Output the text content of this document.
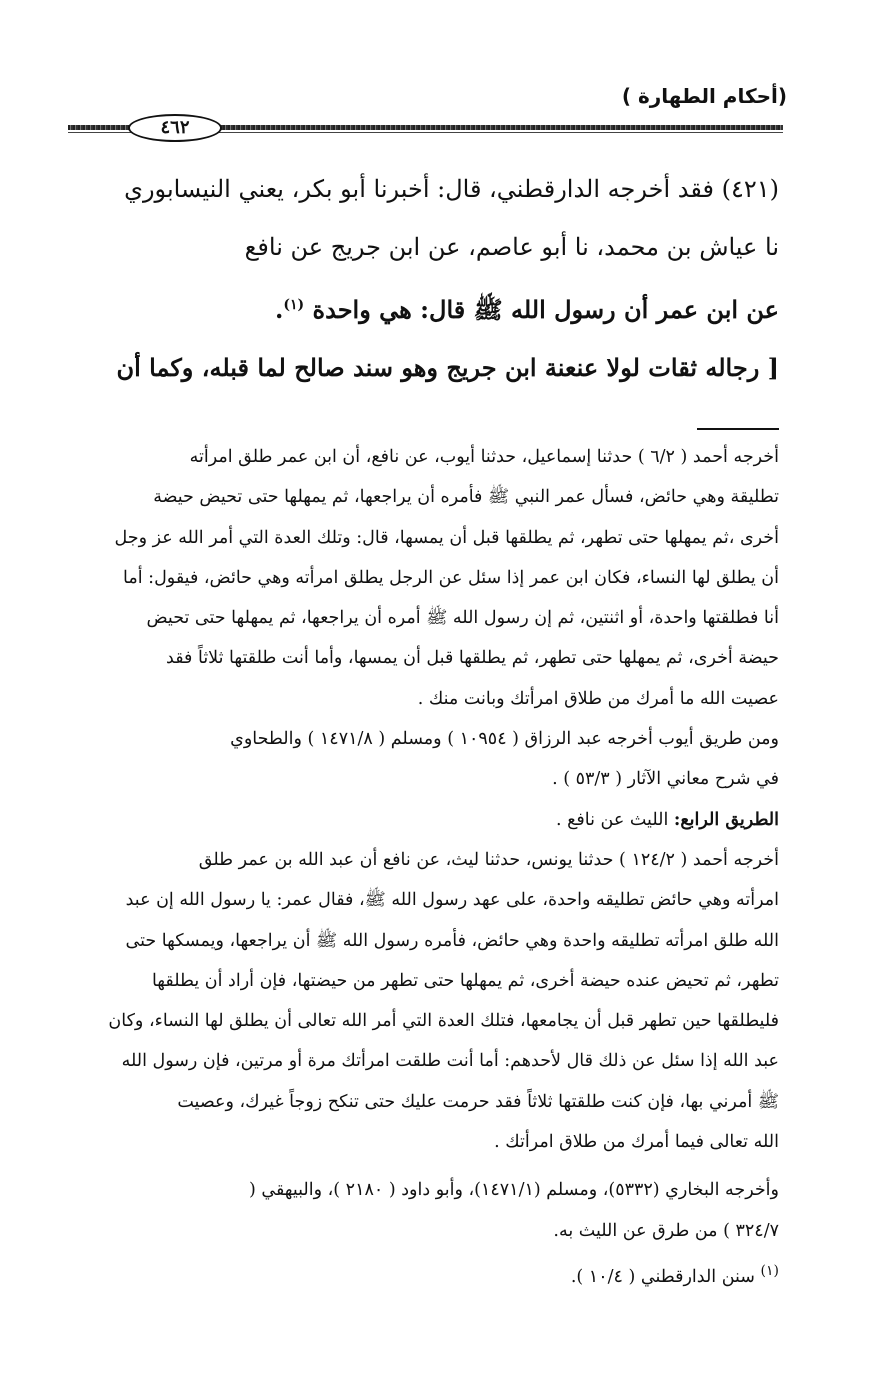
(أحكام الطهارة )
٤٦٢

(٤٢١) فقد أخرجه الدارقطني، قال: أخبرنا أبو بكر، يعني النيسابوري

نا عياش بن محمد، نا أبو عاصم، عن ابن جريج عن نافع

عن ابن عمر أن رسول الله ﷺ قال: هي واحدة $^{(١)}$.

[ رجاله ثقات لولا عنعنة ابن جريج وهو سند صالح لما قبله، وكما أن

أخرجه أحمد ( ٦/٢ ) حدثنا إسماعيل، حدثنا أيوب، عن نافع، أن ابن عمر طلق امرأته

تطليقة وهي حائض، فسأل عمر النبي ﷺ فأمره أن يراجعها، ثم يمهلها حتى تحيض حيضة

أخرى ،ثم يمهلها حتى تطهر، ثم يطلقها قبل أن يمسها، قال: وتلك العدة التي أمر الله عز وجل

أن يطلق لها النساء، فكان ابن عمر إذا سئل عن الرجل يطلق امرأته وهي حائض، فيقول: أما

أنا فطلقتها واحدة، أو اثنتين، ثم إن رسول الله ﷺ أمره أن يراجعها، ثم يمهلها حتى تحيض

حيضة أخرى، ثم يمهلها حتى تطهر، ثم يطلقها قبل أن يمسها، وأما أنت طلقتها ثلاثاً فقد

عصيت الله ما أمرك من طلاق امرأتك وبانت منك .

ومن طريق أيوب أخرجه عبد الرزاق ( ١٠٩٥٤ ) ومسلم ( ١٤٧١/٨ ) والطحاوي

في شرح معاني الآثار ( ٥٣/٣ ) .

الطريق الرابع: الليث عن نافع .

أخرجه أحمد ( ١٢٤/٢ ) حدثنا يونس، حدثنا ليث، عن نافع أن عبد الله بن عمر طلق

امرأته وهي حائض تطليقه واحدة، على عهد رسول الله ﷺ، فقال عمر: يا رسول الله إن عبد

الله طلق امرأته تطليقه واحدة وهي حائض، فأمره رسول الله ﷺ أن يراجعها، ويمسكها حتى

تطهر، ثم تحيض عنده حيضة أخرى، ثم يمهلها حتى تطهر من حيضتها، فإن أراد أن يطلقها

فليطلقها حين تطهر قبل أن يجامعها، فتلك العدة التي أمر الله تعالى أن يطلق لها النساء، وكان

عبد الله إذا سئل عن ذلك قال لأحدهم: أما أنت طلقت امرأتك مرة أو مرتين، فإن رسول الله

ﷺ أمرني بها، فإن كنت طلقتها ثلاثاً فقد حرمت عليك حتى تنكح زوجاً غيرك، وعصيت

الله تعالى فيما أمرك من طلاق امرأتك .

وأخرجه البخاري (٥٣٣٢)، ومسلم (١٤٧١/١)، وأبو داود ( ٢١٨٠ )، والبيهقي (

٣٢٤/٧ ) من طرق عن الليث به.

$^{(١)}$ سنن الدارقطني ( ١٠/٤ ).
